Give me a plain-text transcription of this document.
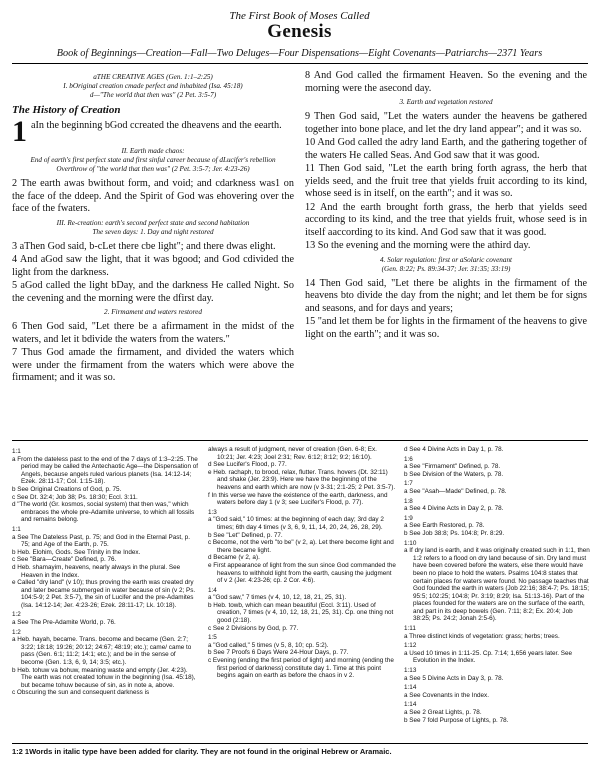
The First Book of Moses Called
Genesis
Book of Beginnings—Creation—Fall—Two Deluges—Four Dispensations—Eight Covenants—Patriarchs—2371 Years
aTHE CREATIVE AGES (Gen. 1:1–2:25)
I. bOriginal creation cmade perfect and inhabited (Isa. 45:18)
d—"The world that then was" (2 Pet. 3:5-7)
The History of Creation
1 aIn the beginning bGod ccreated the dheavens and the eearth.
II. Earth made chaos:
End of earth's first perfect state and first sinful career because of dLucifer's rebellion
Overthrow of "the world that then was" (2 Pet. 3:5-7; Jer. 4:23-26)
2 The earth awas bwithout form, and void; and cdarkness was1 on the face of the ddeep. And the Spirit of God was ehovering over the face of the fwaters.
III. Re-creation: earth's second perfect state and second habitation
The seven days: 1. Day and night restored
3 aThen God said, b-cLet there cbe light"; and there dwas elight.
4 And aGod saw the light, that it was bgood; and God cdivided the light from the darkness.
5 aGod called the light bDay, and the darkness He called Night. So the cevening and the morning were the dfirst day.
2. Firmament and waters restored
6 Then God said, "Let there be a afirmament in the midst of the waters, and let it bdivide the waters from the waters."
7 Thus God amade the firmament, and divided the waters which were under the firmament from the waters which were above the firmament; and it was so.
8 And God called the firmament Heaven. So the evening and the morning were the asecond day.
3. Earth and vegetation restored
9 Then God said, "Let the waters aunder the heavens be gathered together into bone place, and let the dry land appear"; and it was so.
10 And God called the adry land Earth, and the gathering together of the waters He called Seas. And God saw that it was good.
11 Then God said, "Let the earth bring forth agrass, the herb that yields seed, and the fruit tree that yields fruit according to its kind, whose seed is in itself, on the earth"; and it was so.
12 And the earth brought forth grass, the herb that yields seed according to its kind, and the tree that yields fruit, whose seed is in itself aaccording to its kind. And God saw that it was good.
13 So the evening and the morning were the athird day.
4. Solar regulation: first or aSolaric covenant
(Gen. 8:22; Ps. 89:34-37; Jer. 31:35; 33:19)
14 Then God said, "Let there be alights in the firmament of the heavens bto divide the day from the night; and let them be for signs and seasons, and for days and years;
15 "and let them be for lights in the firmament of the heavens to give light on the earth"; and it was so.
1:1
a From the dateless past to the end of the 7 days of 1:3–2:25. The period may be called the Antechaotic Age—the Dispensation of Angels, because angels ruled various planets (Isa. 14:12-14; Ezek. 28:11-17; Col. 1:15-18).
b See Original Creations of God, p. 75.
c See Dt. 32:4; Job 38; Ps. 18:30; Eccl. 3:11.
d "The world (Gr. kosmos, social system) that then was," which embraces the whole pre-Adamite universe, to which all fossils and remains belong.
1:1
a See The Dateless Past, p. 75; and God in the Eternal Past, p. 75; and Age of the Earth, p. 75.
b Heb. Elohim, Gods. See Trinity in the Index.
c See "Bara—Create" Defined, p. 76.
d Heb. shamayim, heavens, nearly always in the plural. See Heaven in the Index.
e Called "dry land" (v 10); thus proving the earth was created dry and later became submerged in water because of sin (v 2; Ps. 104:5-9; 2 Pet. 3:5-7), the sin of Lucifer and the pre-Adamites (Isa. 14:12-14; Jer. 4:23-26; Ezek. 28:11-17; Lk. 10:18).
1:2
a See The Pre-Adamite World, p. 76.
1:2
a Heb. hayah, became. Trans. become and became (Gen. 2:7; 3:22; 18:18; 19:26; 20:12; 24:67; 48:19; etc.); came/ came to pass (Gen. 6:1; 11:2; 14:1; etc.); and be in the sense of become (Gen. 1:3, 6, 9, 14; 3:5; etc.).
b Heb. tohuw va bohuw, meaning waste and empty (Jer. 4:23). The earth was not created tohuw in the beginning (Isa. 45:18), but became tohuw because of sin, as in note a, above.
c Obscuring the sun and consequent darkness is
always a result of judgment, never of creation (Gen. 6-8; Ex. 10:21; Jer. 4:23; Joel 2:31; Rev. 6:12; 8:12; 9:2; 16:10).
d See Lucifer's Flood, p. 77.
e Heb. rachaph, to brood, relax, flutter. Trans. hovers (Dt. 32:11) and shake (Jer. 23:9). Here we have the beginning of the heavens and earth which are now (v 3-31; 2:1-25; 2 Pet. 3:5-7).
f In this verse we have the existence of the earth, darkness, and waters before day 1 (v 3; see Lucifer's Flood, p. 77).
1:3
a "God said," 10 times: at the beginning of each day; 3rd day 2 times; 6th day 4 times (v 3, 6, 9, 11, 14, 20, 24, 26, 28, 29).
b See "Let" Defined, p. 77.
c Become, not the verb "to be" (v 2, a). Let there become light and there became light.
d Became (v 2, a).
e First appearance of light from the sun since God commanded the heavens to withhold light from the earth, causing the judgment of v 2 (Jer. 4:23-26; cp. 2 Cor. 4:6).
1:4
a "God saw," 7 times (v 4, 10, 12, 18, 21, 25, 31).
b Heb. towb, which can mean beautiful (Eccl. 3:11). Used of creation, 7 times (v 4, 10, 12, 18, 21, 25, 31). Cp. one thing not good (2:18).
c See 2 Divisions by God, p. 77.
1:5
a "God called," 5 times (v 5, 8, 10; cp. 5:2).
b See 7 Proofs 6 Days Were 24-Hour Days, p. 77.
c Evening (ending the first period of light) and morning (ending the first period of darkness) constitute day 1. Time at this point begins again on earth as before the chaos in v 2.
d See 4 Divine Acts in Day 1, p. 78.
1:6
a See "Firmament" Defined, p. 78.
b See Division of the Waters, p. 78.
1:7
a See "Asah—Made" Defined, p. 78.
1:8
a See 4 Divine Acts in Day 2, p. 78.
1:9
a See Earth Restored, p. 78.
b See Job 38:8; Ps. 104:8; Pr. 8:29.
1:10
a If dry land is earth, and it was originally created such in 1:1, then 1:2 refers to a flood on dry land because of sin. Dry land must have been covered before the waters, else there would have been no place to hold the waters. Psalms 104:8 states that certain places for waters were found. No passage teaches that God founded the earth in waters (Job 22:16; 38:4-7; Ps. 18:15; 95:5; 102:25; 104:8; Pr. 3:19; 8:29; Isa. 51:13-16). Part of the places founded for the waters are on the surface of the earth, and part in its deep bowels (Gen. 7:11; 8:2; Ex. 20:4; Job 38:25; Ps. 24:2; Jonah 2:5-6).
1:11
a Three distinct kinds of vegetation: grass; herbs; trees.
1:12
a Used 10 times in 1:11-25. Cp. 7:14; 1,656 years later. See Evolution in the Index.
1:13
a See 5 Divine Acts in Day 3, p. 78.
1:14
a See Covenants in the Index.
1:14
a See 2 Great Lights, p. 78.
b See 7 fold Purpose of Lights, p. 78.
1:2 1Words in italic type have been added for clarity. They are not found in the original Hebrew or Aramaic.
